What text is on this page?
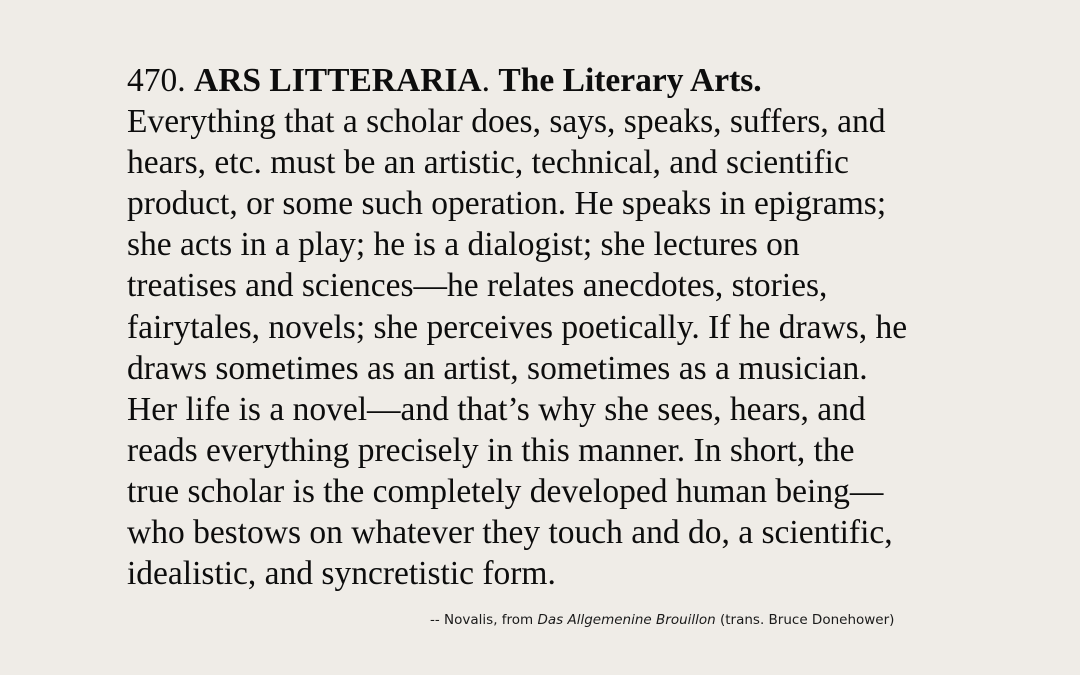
470. ARS LITTERARIA. The Literary Arts.
Everything that a scholar does, says, speaks, suffers, and
hears, etc. must be an artistic, technical, and scientific
product, or some such operation. He speaks in epigrams;
she acts in a play; he is a dialogist; she lectures on
treatises and sciences—he relates anecdotes, stories,
fairytales, novels; she perceives poetically. If he draws, he
draws sometimes as an artist, sometimes as a musician.
Her life is a novel—and that’s why she sees, hears, and
reads everything precisely in this manner. In short, the
true scholar is the completely developed human being—
who bestows on whatever they touch and do, a scientific,
idealistic, and syncretistic form.
-- Novalis, from Das Allgemenine Brouillon (trans. Bruce Donehower)
